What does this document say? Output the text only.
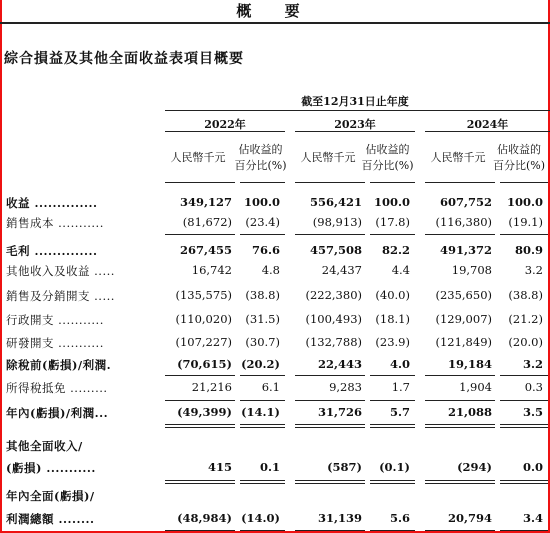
概 要
綜合損益及其他全面收益表項目概要
截至12月31日止年度
2022年	2023年	2024年
人民幣千元
佔收益的
百分比(%)
人民幣千元
佔收益的
百分比(%)
人民幣千元
佔收益的
百分比(%)
收益 ..............	349,127 100.0	556,421 100.0	607,752 100.0
銷售成本 ...........	(81,672) (23.4)	(98,913) (17.8) (116,380) (19.1)
毛利 ..............	267,455 76.6	457,508 82.2	491,372 80.9
其他收入及收益 .....	16,742	4.8	24,437	4.4	19,708	3.2
銷售及分銷開支 .....	(135,575) (38.8) (222,380) (40.0) (235,650) (38.8)
行政開支 ...........	(110,020) (31.5) (100,493) (18.1) (129,007) (21.2)
研發開支 ...........	(107,227) (30.7) (132,788) (23.9) (121,849) (20.0)
除稅前(虧損)/利潤.	(70,615) (20.2)	22,443 4.0	19,184	3.2
所得稅抵免 .........	21,216	6.1	9,283	1.7	1,904	0.3
年內(虧損)/利潤...	(49,399) (14.1)	31,726 5.7	21,088	3.5
其他全面收入/
(虧損) ...........	415 0.1	(587) (0.1)	(294)	0.0
年內全面(虧損)/
利潤總額 ........	(48,984) (14.0)	31,139 5.6	20,794	3.4
